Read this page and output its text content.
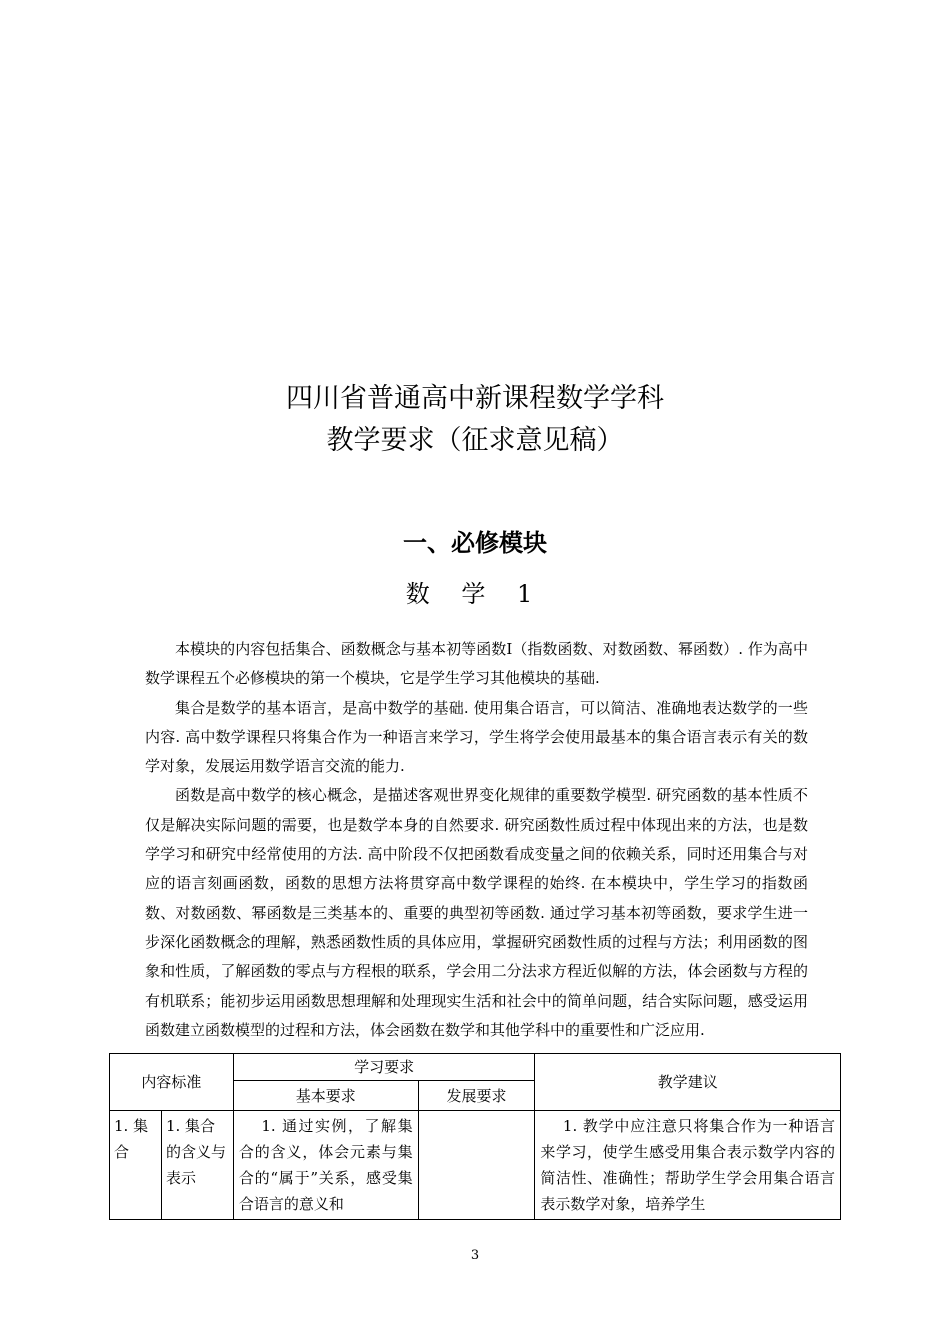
四川省普通高中新课程数学学科
教学要求（征求意见稿）
一、必修模块
数 学 1

本模块的内容包括集合、函数概念与基本初等函数Ⅰ（指数函数、对数函数、幂函数）. 作为高中数学课程五个必修模块的第一个模块，它是学生学习其他模块的基础.

集合是数学的基本语言，是高中数学的基础. 使用集合语言，可以简洁、准确地表达数学的一些内容. 高中数学课程只将集合作为一种语言来学习，学生将学会使用最基本的集合语言表示有关的数学对象，发展运用数学语言交流的能力.

函数是高中数学的核心概念，是描述客观世界变化规律的重要数学模型. 研究函数的基本性质不仅是解决实际问题的需要，也是数学本身的自然要求. 研究函数性质过程中体现出来的方法，也是数学学习和研究中经常使用的方法. 高中阶段不仅把函数看成变量之间的依赖关系，同时还用集合与对应的语言刻画函数，函数的思想方法将贯穿高中数学课程的始终. 在本模块中，学生学习的指数函数、对数函数、幂函数是三类基本的、重要的典型初等函数. 通过学习基本初等函数，要求学生进一步深化函数概念的理解，熟悉函数性质的具体应用，掌握研究函数性质的过程与方法；利用函数的图象和性质，了解函数的零点与方程根的联系，学会用二分法求方程近似解的方法，体会函数与方程的有机联系；能初步运用函数思想理解和处理现实生活和社会中的简单问题，结合实际问题，感受运用函数建立函数模型的过程和方法，体会函数在数学和其他学科中的重要性和广泛应用.

内容标准		学习要求		教学建议
		基本要求	发展要求	
1. 集合	1. 集合的含义与表示	1. 通过实例，了解集合的含义，体会元素与集合的“属于”关系，感受集合语言的意义和		1. 教学中应注意只将集合作为一种语言来学习，使学生感受用集合表示数学内容的简洁性、准确性；帮助学生学会用集合语言表示数学对象，培养学生
3
